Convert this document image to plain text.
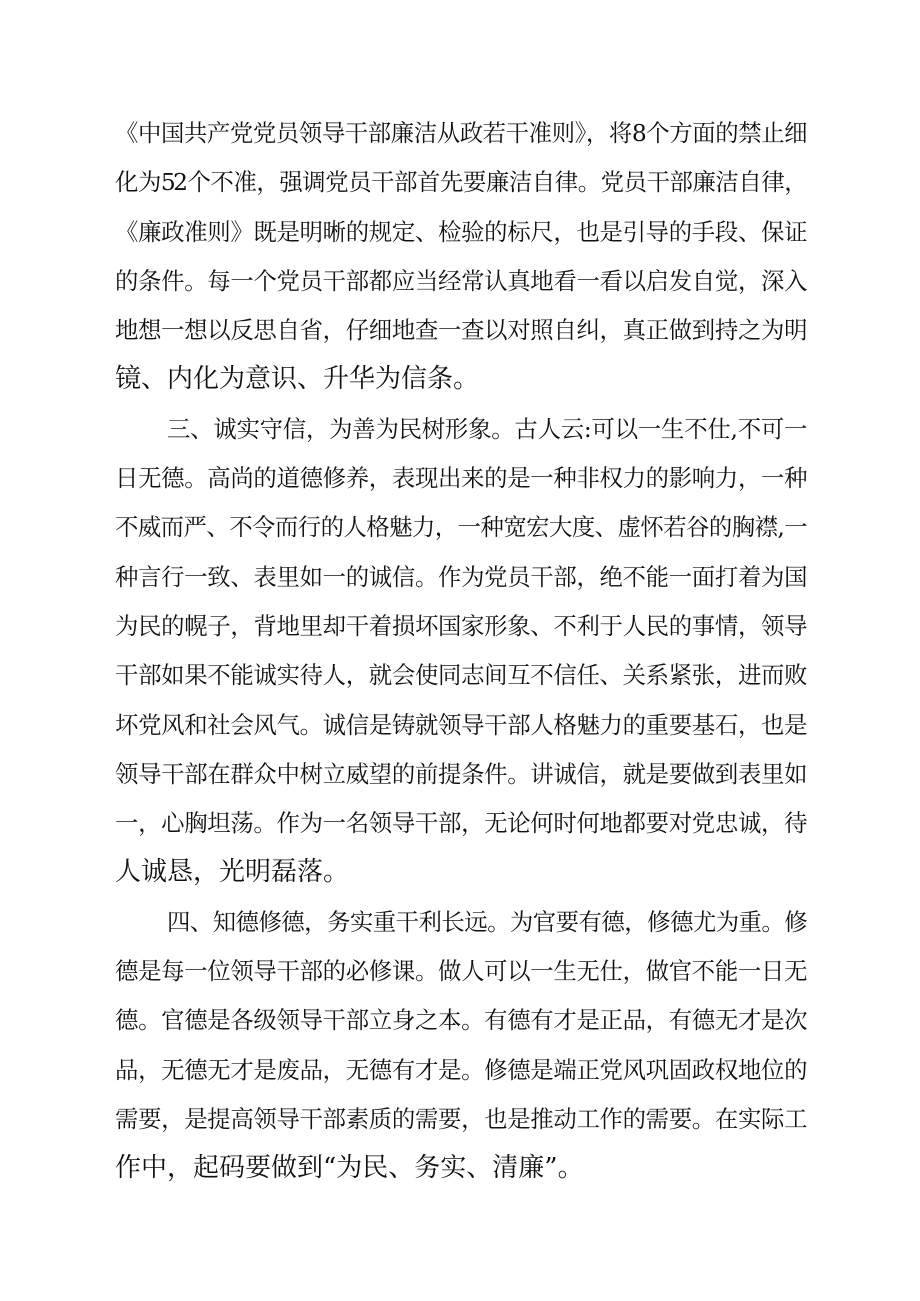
《中国共产党党员领导干部廉洁从政若干准则》，将8个方面的禁止细
化为52个不准，强调党员干部首先要廉洁自律。党员干部廉洁自律，
《廉政准则》既是明晰的规定、检验的标尺，也是引导的手段、保证
的条件。每一个党员干部都应当经常认真地看一看以启发自觉，深入
地想一想以反思自省，仔细地查一查以对照自纠，真正做到持之为明
镜、内化为意识、升华为信条。

三、诚实守信，为善为民树形象。古人云:可以一生不仕,不可一
日无德。高尚的道德修养，表现出来的是一种非权力的影响力，一种
不威而严、不令而行的人格魅力，一种宽宏大度、虚怀若谷的胸襟,一
种言行一致、表里如一的诚信。作为党员干部，绝不能一面打着为国
为民的幌子，背地里却干着损坏国家形象、不利于人民的事情，领导
干部如果不能诚实待人，就会使同志间互不信任、关系紧张，进而败
坏党风和社会风气。诚信是铸就领导干部人格魅力的重要基石，也是
领导干部在群众中树立威望的前提条件。讲诚信，就是要做到表里如
一，心胸坦荡。作为一名领导干部，无论何时何地都要对党忠诚，待
人诚恳，光明磊落。

四、知德修德，务实重干利长远。为官要有德，修德尤为重。修
德是每一位领导干部的必修课。做人可以一生无仕，做官不能一日无
德。官德是各级领导干部立身之本。有德有才是正品，有德无才是次
品，无德无才是废品，无德有才是。修德是端正党风巩固政权地位的
需要，是提高领导干部素质的需要，也是推动工作的需要。在实际工
作中，起码要做到“为民、务实、清廉”。
